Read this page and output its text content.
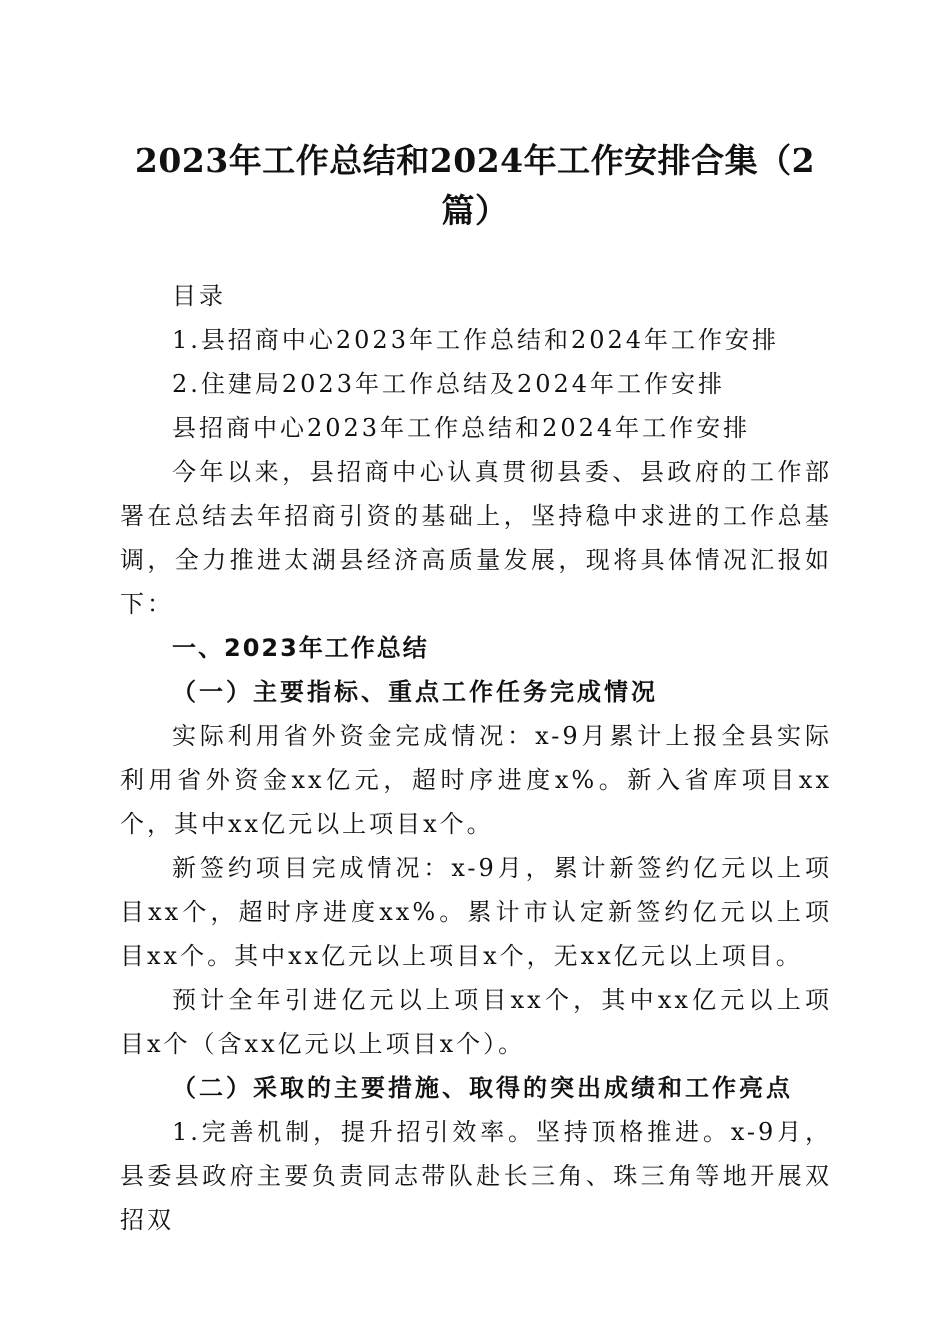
2023年工作总结和2024年工作安排合集（2篇）

目录

1.县招商中心2023年工作总结和2024年工作安排

2.住建局2023年工作总结及2024年工作安排

县招商中心2023年工作总结和2024年工作安排

今年以来，县招商中心认真贯彻县委、县政府的工作部署在总结去年招商引资的基础上，坚持稳中求进的工作总基调，全力推进太湖县经济高质量发展，现将具体情况汇报如下：

一、2023年工作总结

（一）主要指标、重点工作任务完成情况

实际利用省外资金完成情况：x-9月累计上报全县实际利用省外资金xx亿元，超时序进度x%。新入省库项目xx个，其中xx亿元以上项目x个。

新签约项目完成情况：x-9月，累计新签约亿元以上项目xx个，超时序进度xx%。累计市认定新签约亿元以上项目xx个。其中xx亿元以上项目x个，无xx亿元以上项目。

预计全年引进亿元以上项目xx个，其中xx亿元以上项目x个（含xx亿元以上项目x个）。

（二）采取的主要措施、取得的突出成绩和工作亮点

1.完善机制，提升招引效率。坚持顶格推进。x-9月，县委县政府主要负责同志带队赴长三角、珠三角等地开展双招双
